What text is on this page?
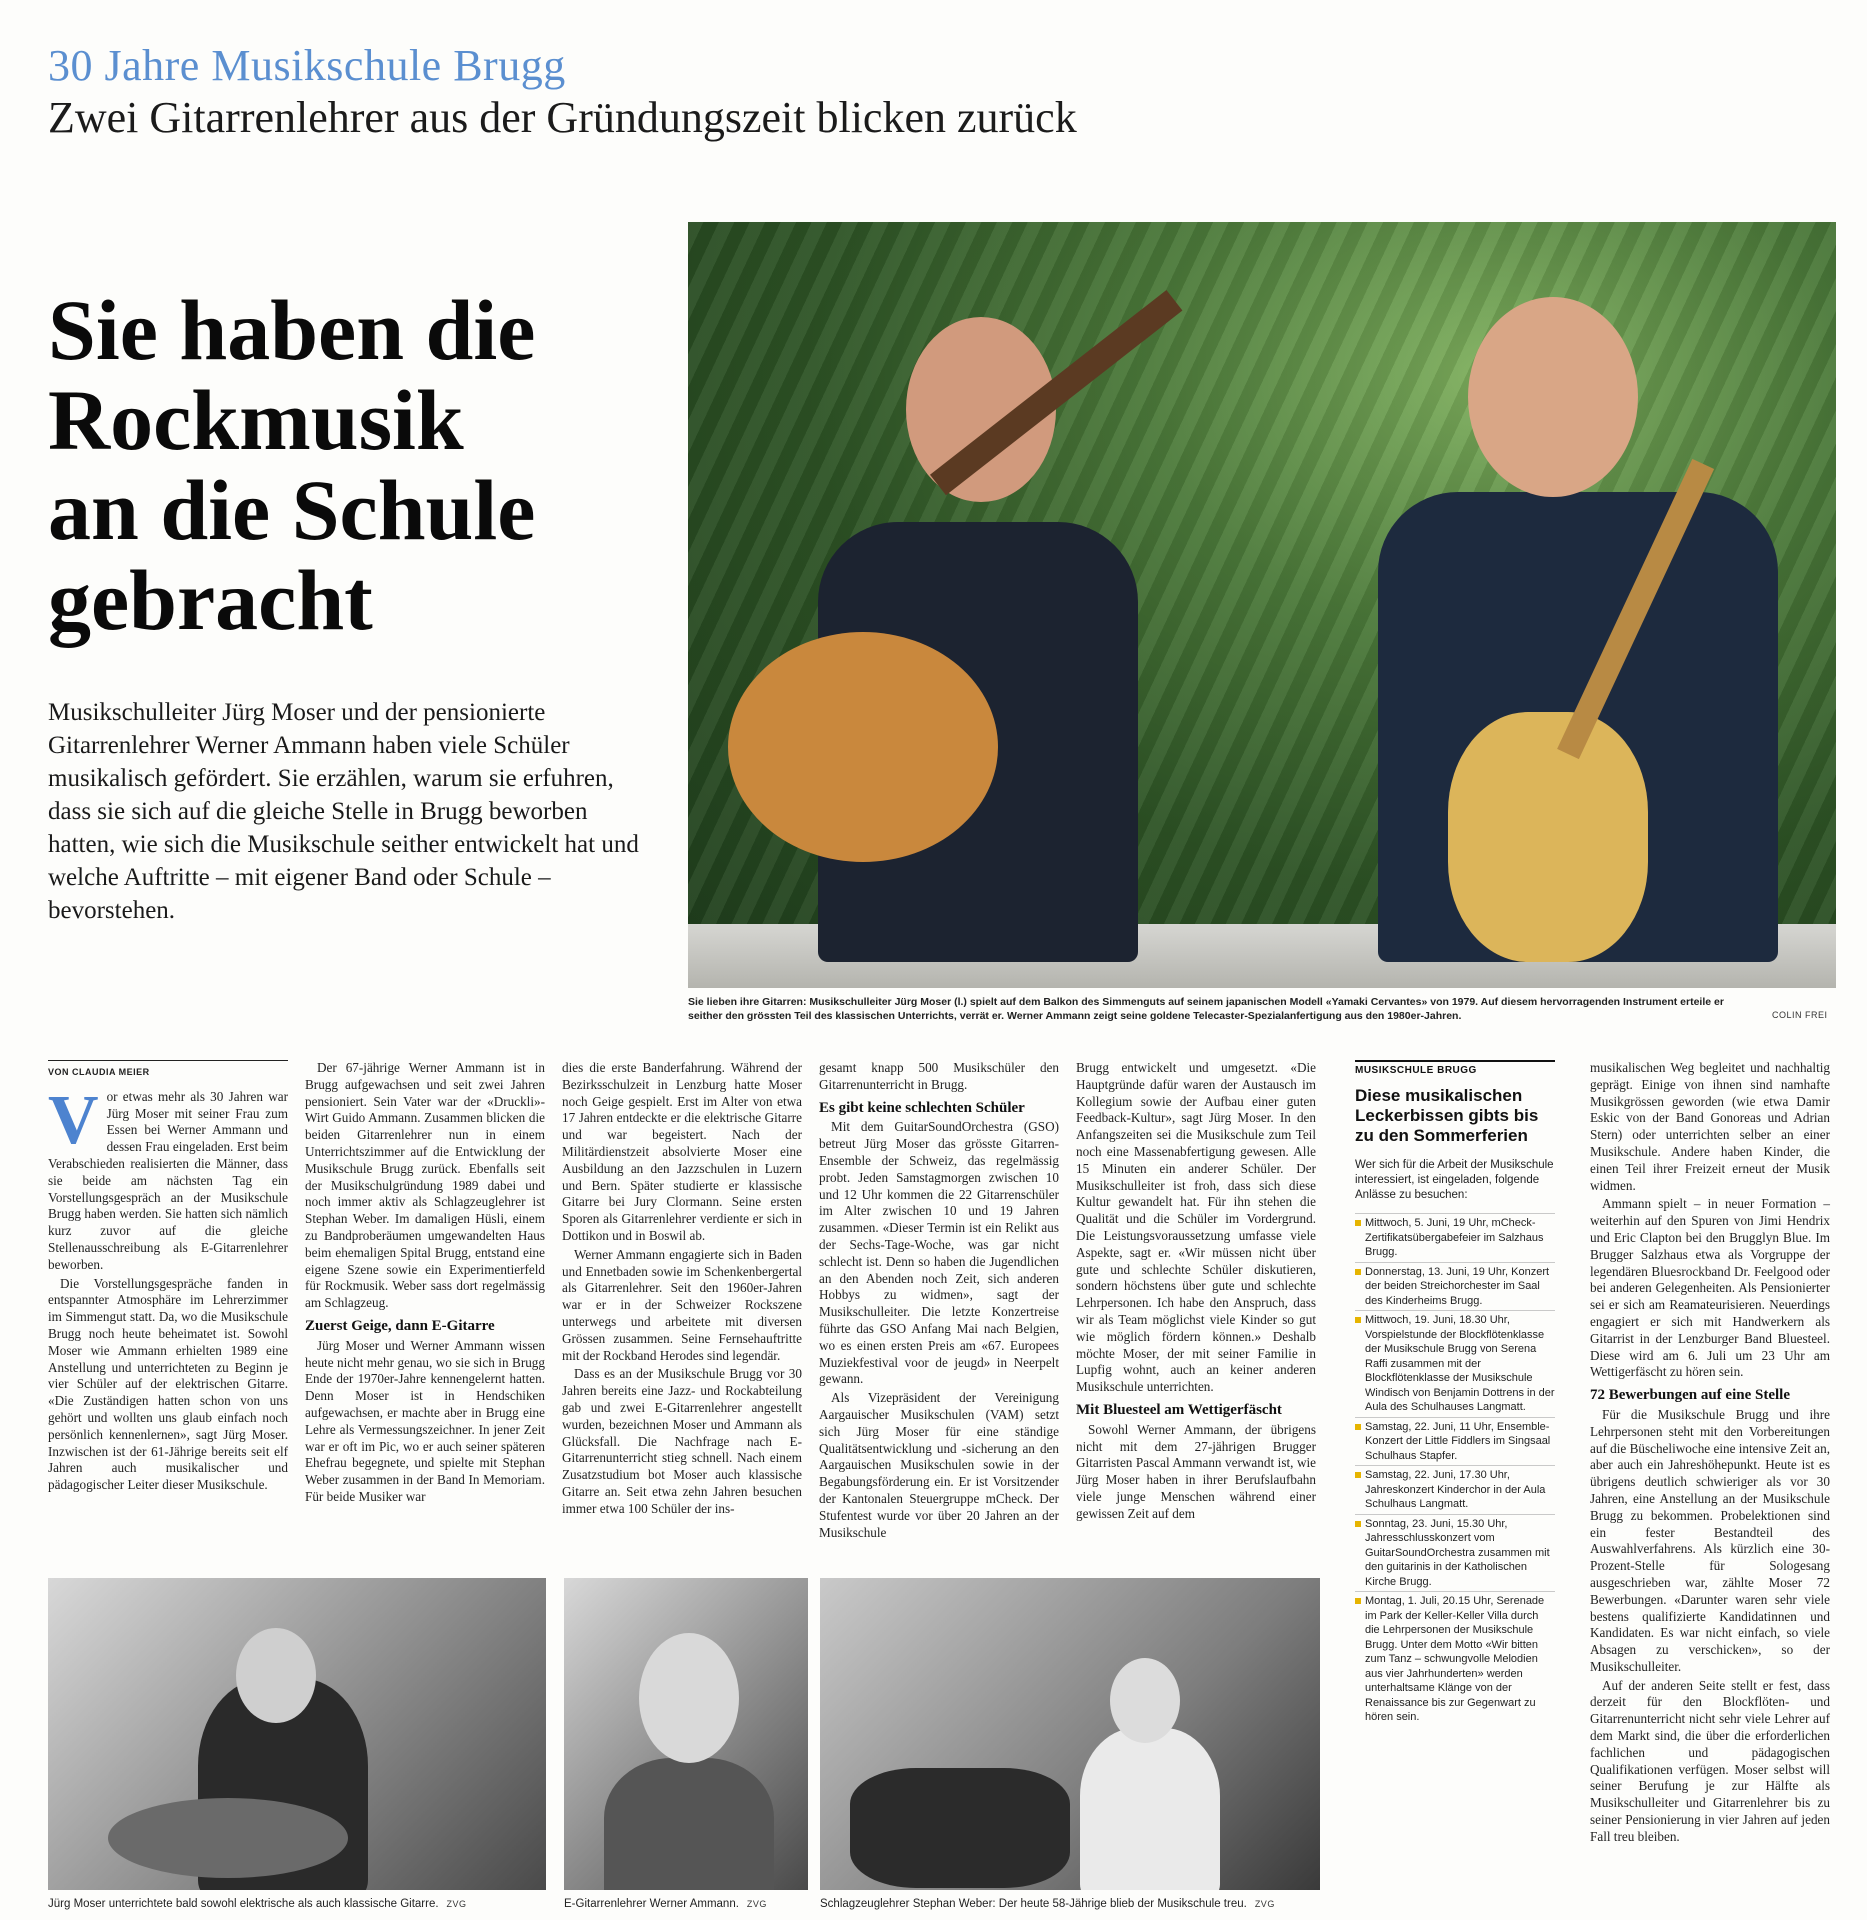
30 Jahre Musikschule Brugg
Zwei Gitarrenlehrer aus der Gründungszeit blicken zurück
Sie haben die
Rockmusik
an die Schule
gebracht
Musikschulleiter Jürg Moser und der pensionierte Gitarrenlehrer Werner Ammann haben viele Schüler musikalisch gefördert. Sie erzählen, warum sie erfuhren, dass sie sich auf die gleiche Stelle in Brugg beworben hatten, wie sich die Musikschule seither entwickelt hat und welche Auftritte – mit eigener Band oder Schule – bevorstehen.
Sie lieben ihre Gitarren: Musikschulleiter Jürg Moser (l.) spielt auf dem Balkon des Simmenguts auf seinem japanischen Modell «Yamaki Cervantes» von 1979. Auf diesem hervorragenden Instrument erteile er seither den grössten Teil des klassischen Unterrichts, verrät er. Werner Ammann zeigt seine goldene Telecaster-Spezialanfertigung aus den 1980er-Jahren.	COLIN FREI
VON CLAUDIA MEIER
V or etwas mehr als 30 Jahren war Jürg Moser mit seiner Frau zum Essen bei Werner Ammann und dessen Frau eingeladen. Erst beim Verabschieden realisierten die Männer, dass sie beide am nächsten Tag ein Vorstellungsgespräch an der Musikschule Brugg haben werden. Sie hatten sich nämlich kurz zuvor auf die gleiche Stellenausschreibung als E-Gitarrenlehrer beworben.

Die Vorstellungsgespräche fanden in entspannter Atmosphäre im Lehrerzimmer im Simmengut statt. Da, wo die Musikschule Brugg noch heute beheimatet ist. Sowohl Moser wie Ammann erhielten 1989 eine Anstellung und unterrichteten zu Beginn je vier Schüler auf der elektrischen Gitarre. «Die Zuständigen hatten schon von uns gehört und wollten uns glaub einfach noch persönlich kennenlernen», sagt Jürg Moser. Inzwischen ist der 61-Jährige bereits seit elf Jahren auch musikalischer und pädagogischer Leiter dieser Musikschule.

Der 67-jährige Werner Ammann ist in Brugg aufgewachsen und seit zwei Jahren pensioniert. Sein Vater war der «Druckli»-Wirt Guido Ammann. Zusammen blicken die beiden Gitarrenlehrer nun in einem Unterrichtszimmer auf die Entwicklung der Musikschule Brugg zurück. Ebenfalls seit der Musikschulgründung 1989 dabei und noch immer aktiv als Schlagzeuglehrer ist Stephan Weber. Im damaligen Hüsli, einem zu Bandproberäumen umgewandelten Haus beim ehemaligen Spital Brugg, entstand eine eigene Szene sowie ein Experimentierfeld für Rockmusik. Weber sass dort regelmässig am Schlagzeug.

Zuerst Geige, dann E-Gitarre

Jürg Moser und Werner Ammann wissen heute nicht mehr genau, wo sie sich in Brugg Ende der 1970er-Jahre kennengelernt hatten. Denn Moser ist in Hendschiken aufgewachsen, er machte aber in Brugg eine Lehre als Vermessungszeichner. In jener Zeit war er oft im Pic, wo er auch seiner späteren Ehefrau begegnete, und spielte mit Stephan Weber zusammen in der Band In Memoriam. Für beide Musiker war

dies die erste Banderfahrung. Während der Bezirksschulzeit in Lenzburg hatte Moser noch Geige gespielt. Erst im Alter von etwa 17 Jahren entdeckte er die elektrische Gitarre und war begeistert. Nach der Militärdienstzeit absolvierte Moser eine Ausbildung an den Jazzschulen in Luzern und Bern. Später studierte er klassische Gitarre bei Jury Clormann. Seine ersten Sporen als Gitarrenlehrer verdiente er sich in Dottikon und in Boswil ab.

Werner Ammann engagierte sich in Baden und Ennetbaden sowie im Schenkenbergertal als Gitarrenlehrer. Seit den 1960er-Jahren war er in der Schweizer Rockszene unterwegs und arbeitete mit diversen Grössen zusammen. Seine Fernsehauftritte mit der Rockband Herodes sind legendär.

Dass es an der Musikschule Brugg vor 30 Jahren bereits eine Jazz- und Rockabteilung gab und zwei E-Gitarrenlehrer angestellt wurden, bezeichnen Moser und Ammann als Glücksfall. Die Nachfrage nach E-Gitarrenunterricht stieg schnell. Nach einem Zusatzstudium bot Moser auch klassische Gitarre an. Seit etwa zehn Jahren besuchen immer etwa 100 Schüler der ins-

gesamt knapp 500 Musikschüler den Gitarrenunterricht in Brugg.

Es gibt keine schlechten Schüler

Mit dem GuitarSoundOrchestra (GSO) betreut Jürg Moser das grösste Gitarren-Ensemble der Schweiz, das regelmässig probt. Jeden Samstagmorgen zwischen 10 und 12 Uhr kommen die 22 Gitarrenschüler im Alter zwischen 10 und 19 Jahren zusammen. «Dieser Termin ist ein Relikt aus der Sechs-Tage-Woche, was gar nicht schlecht ist. Denn so haben die Jugendlichen an den Abenden noch Zeit, sich anderen Hobbys zu widmen», sagt der Musikschulleiter. Die letzte Konzertreise führte das GSO Anfang Mai nach Belgien, wo es einen ersten Preis am «67. Europees Muziekfestival voor de jeugd» in Neerpelt gewann.

Als Vizepräsident der Vereinigung Aargauischer Musikschulen (VAM) setzt sich Jürg Moser für eine ständige Qualitätsentwicklung und -sicherung an den Aargauischen Musikschulen sowie in der Begabungsförderung ein. Er ist Vorsitzender der Kantonalen Steuergruppe mCheck. Der Stufentest wurde vor über 20 Jahren an der Musikschule

Brugg entwickelt und umgesetzt. «Die Hauptgründe dafür waren der Austausch im Kollegium sowie der Aufbau einer guten Feedback-Kultur», sagt Jürg Moser. In den Anfangszeiten sei die Musikschule zum Teil noch eine Massenabfertigung gewesen. Alle 15 Minuten ein anderer Schüler. Der Musikschulleiter ist froh, dass sich diese Kultur gewandelt hat. Für ihn stehen die Qualität und die Schüler im Vordergrund. Die Leistungsvoraussetzung umfasse viele Aspekte, sagt er. «Wir müssen nicht über gute und schlechte Schüler diskutieren, sondern höchstens über gute und schlechte Lehrpersonen. Ich habe den Anspruch, dass wir als Team möglichst viele Kinder so gut wie möglich fördern können.» Deshalb möchte Moser, der mit seiner Familie in Lupfig wohnt, auch an keiner anderen Musikschule unterrichten.

Mit Bluesteel am Wettigerfäscht

Sowohl Werner Ammann, der übrigens nicht mit dem 27-jährigen Brugger Gitarristen Pascal Ammann verwandt ist, wie Jürg Moser haben in ihrer Berufslaufbahn viele junge Menschen während einer gewissen Zeit auf dem

MUSIKSCHULE BRUGG
Diese musikalischen Leckerbissen gibts bis zu den Sommerferien
Wer sich für die Arbeit der Musikschule interessiert, ist eingeladen, folgende Anlässe zu besuchen:
Mittwoch, 5. Juni, 19 Uhr, mCheck-Zertifikatsübergabefeier im Salzhaus Brugg.
Donnerstag, 13. Juni, 19 Uhr, Konzert der beiden Streichorchester im Saal des Kinderheims Brugg.
Mittwoch, 19. Juni, 18.30 Uhr, Vorspielstunde der Blockflötenklasse der Musikschule Brugg von Serena Raffi zusammen mit der Blockflötenklasse der Musikschule Windisch von Benjamin Dottrens in der Aula des Schulhauses Langmatt.
Samstag, 22. Juni, 11 Uhr, Ensemble-Konzert der Little Fiddlers im Singsaal Schulhaus Stapfer.
Samstag, 22. Juni, 17.30 Uhr, Jahreskonzert Kinderchor in der Aula Schulhaus Langmatt.
Sonntag, 23. Juni, 15.30 Uhr, Jahresschlusskonzert vom GuitarSoundOrchestra zusammen mit den guitarinis in der Katholischen Kirche Brugg.
Montag, 1. Juli, 20.15 Uhr, Serenade im Park der Keller-Keller Villa durch die Lehrpersonen der Musikschule Brugg. Unter dem Motto «Wir bitten zum Tanz – schwungvolle Melodien aus vier Jahrhunderten» werden unterhaltsame Klänge von der Renaissance bis zur Gegenwart zu hören sein.

musikalischen Weg begleitet und nachhaltig geprägt. Einige von ihnen sind namhafte Musikgrössen geworden (wie etwa Damir Eskic von der Band Gonoreas und Adrian Stern) oder unterrichten selber an einer Musikschule. Andere haben Kinder, die einen Teil ihrer Freizeit erneut der Musik widmen.

Ammann spielt – in neuer Formation – weiterhin auf den Spuren von Jimi Hendrix und Eric Clapton bei den Brugglyn Blue. Im Brugger Salzhaus etwa als Vorgruppe der legendären Bluesrockband Dr. Feelgood oder bei anderen Gelegenheiten. Als Pensionierter sei er sich am Reamateurisieren. Neuerdings engagiert er sich mit Handwerkern als Gitarrist in der Lenzburger Band Bluesteel. Diese wird am 6. Juli um 23 Uhr am Wettigerfäscht zu hören sein.

72 Bewerbungen auf eine Stelle

Für die Musikschule Brugg und ihre Lehrpersonen steht mit den Vorbereitungen auf die Büscheliwoche eine intensive Zeit an, aber auch ein Jahreshöhepunkt. Heute ist es übrigens deutlich schwieriger als vor 30 Jahren, eine Anstellung an der Musikschule Brugg zu bekommen. Probelektionen sind ein fester Bestandteil des Auswahlverfahrens. Als kürzlich eine 30-Prozent-Stelle für Sologesang ausgeschrieben war, zählte Moser 72 Bewerbungen. «Darunter waren sehr viele bestens qualifizierte Kandidatinnen und Kandidaten. Es war nicht einfach, so viele Absagen zu verschicken», so der Musikschulleiter.

Auf der anderen Seite stellt er fest, dass derzeit für den Blockflöten- und Gitarrenunterricht nicht sehr viele Lehrer auf dem Markt sind, die über die erforderlichen fachlichen und pädagogischen Qualifikationen verfügen. Moser selbst will seiner Berufung je zur Hälfte als Musikschulleiter und Gitarrenlehrer bis zu seiner Pensionierung in vier Jahren auf jeden Fall treu bleiben.

Jürg Moser unterrichtete bald sowohl elektrische als auch klassische Gitarre. ZVG	E-Gitarrenlehrer Werner Ammann. ZVG	Schlagzeuglehrer Stephan Weber: Der heute 58-Jährige blieb der Musikschule treu. ZVG
